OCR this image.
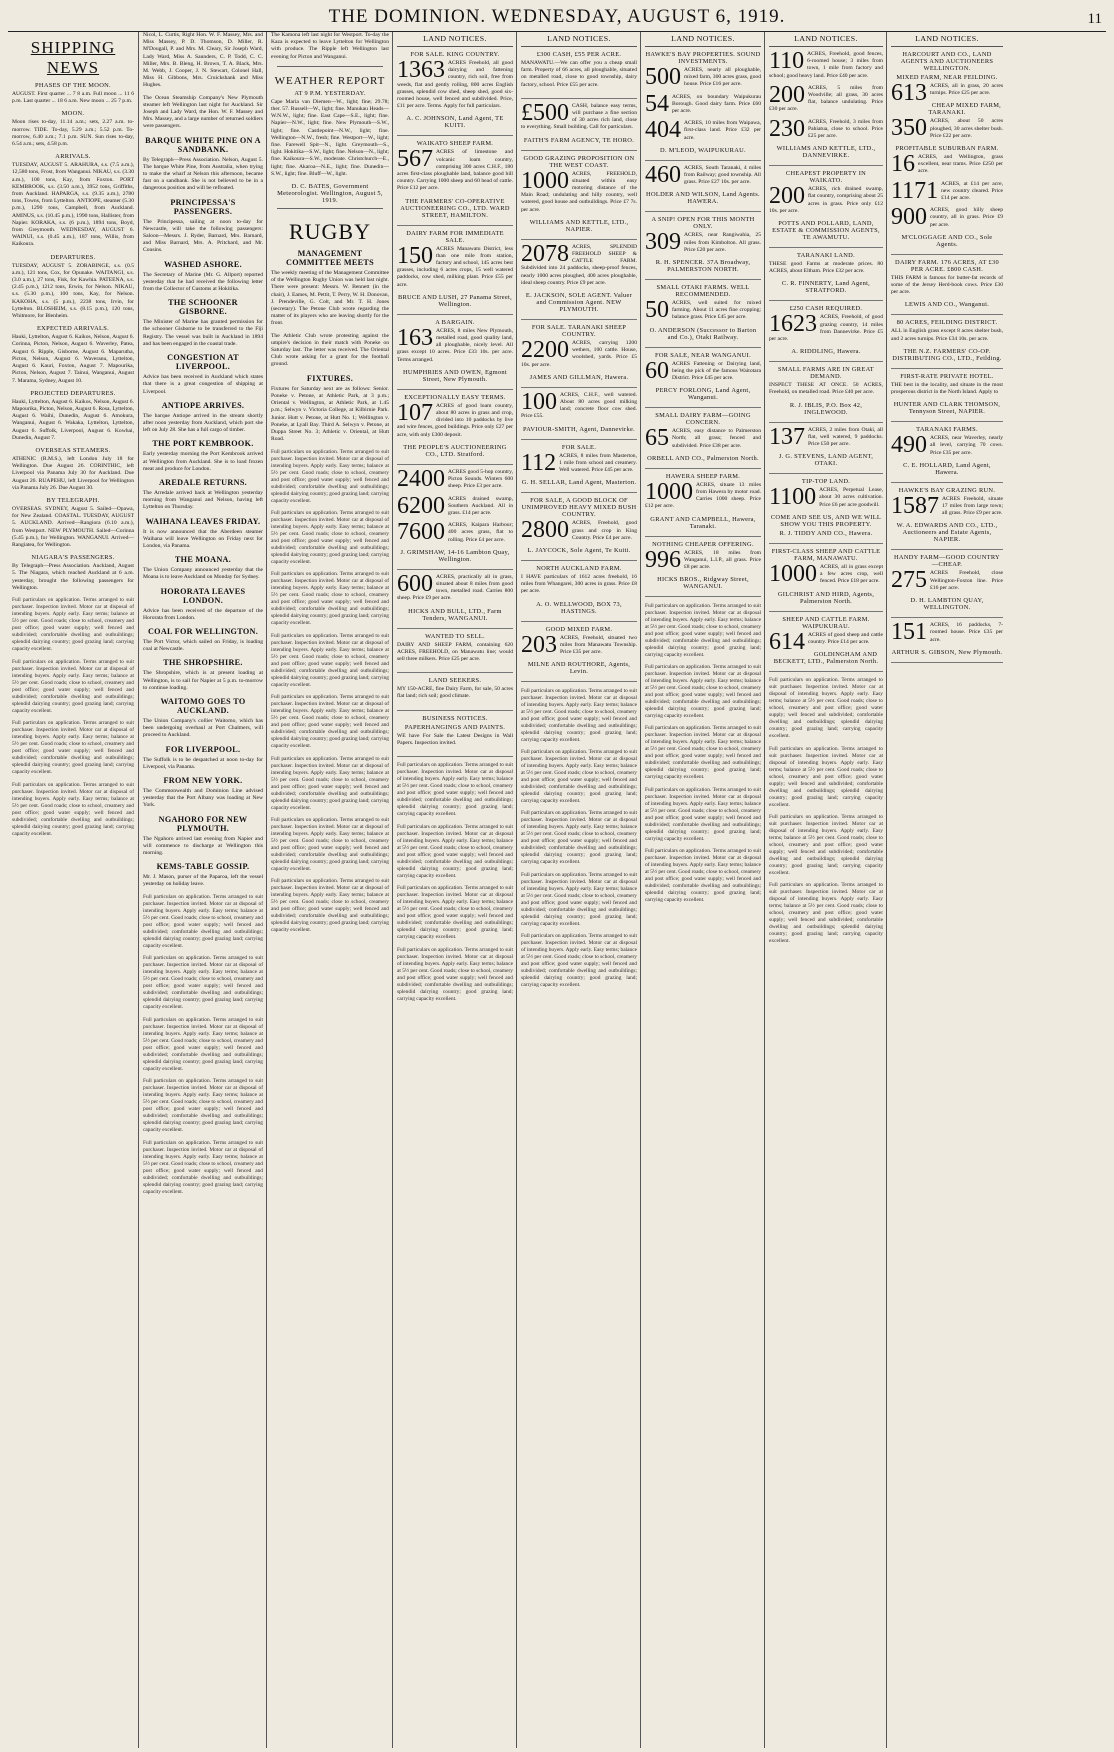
THE DOMINION. WEDNESDAY, AUGUST 6, 1919.	11
SHIPPING NEWS
PHASES OF THE MOON.

AUGUST. First quarter ... 7 8 a.m. Full moon ... 11 6 p.m. Last quarter ... 18 6 a.m. New moon ... 25 7 p.m.

MOON.

Moon rises to-day, 11.14 a.m.; sets, 2.27 a.m. to-morrow. TIDE. To-day, 5.29 a.m.; 5.52 p.m. To-morrow, 6.40 a.m.; 7.1 p.m. SUN. Sun rises to-day, 6.54 a.m.; sets, 4.58 p.m.

ARRIVALS.

TUESDAY, AUGUST 5. ARAHURA, s.s. (7.5 a.m.), 12,580 tons, Frost, from Wanganui. NIKAU, s.s. (3.30 a.m.), 100 tons, Kay, from Foxton. PORT KEMBROOK, s.s. (3.50 a.m.), 3952 tons, Griffiths, from Auckland. HAPARGA, s.s. (9.35 a.m.), 2780 tons, Towns, from Lyttelton. ANTIOPE, steamer (5.30 p.m.), 1290 tons, Campbell, from Auckland. AMINUS, s.s. (10.45 p.m.), 1990 tons, Hallister, from Napier. KORAKA, s.s. (6 p.m.), 1894 tons, Boyd, from Greymouth. WEDNESDAY, AUGUST 6. WAINUI, s.s. (0.45 a.m.), 187 tons, Willis, from Kaikoura.

DEPARTURES.

TUESDAY, AUGUST 5. ZORABINGE, s.s. (0.5 a.m.), 121 tons, Cox, for Opunake. WAITANGI, s.s. (3.0 a.m.), 27 tons, Fisk, for Kawhia. PATEENA, s.s. (2.45 p.m.), 1212 tons, Erwin, for Nelson. NIKAU, s.s. (5.30 p.m.), 100 tons, Kay, for Nelson. KAKOHA, s.s. (5 p.m.), 2238 tons, Irvin, for Lyttelton. BLOSHEIM, s.s. (8.15 p.m.), 120 tons, Whitmore, for Blenheim.

EXPECTED ARRIVALS.

Hauki, Lyttelton, August 6. Kaikos, Nelson, August 6. Corinna, Picton, Nelson, August 6. Waverley, Patea, August 6. Ripple, Gisborne, August 6. Maparutha, Picton, Nelson, August 6. Waveranu, Lyttelton, August 6. Kauri, Foxton, August 7. Mapourika, Picton, Nelson, August 7. Tainui, Wanganui, August 7. Marama, Sydney, August 10.

PROJECTED DEPARTURES.

Hauki, Lyttelton, August 6. Kaikos, Nelson, August 6. Mapourika, Picton, Nelson, August 6. Rosa, Lyttelton, August 6. Waihi, Dunedin, August 6. Amokura, Wanganui, August 6. Wakaka, Lyttelton, Lyttelton, August 6. Suffolk, Liverpool, August 6. Kowhai, Dunedin, August 7.

OVERSEAS STEAMERS.

ATHENIC (R.M.S.), left London July 18 for Wellington. Due August 26. CORINTHIC, left Liverpool via Panama July 30 for Auckland. Due August 26. RUAPEHU, left Liverpool for Wellington via Panama July 26. Due August 30.

BY TELEGRAPH.

OVERSEAS. SYDNEY, August 5. Sailed—Opawa, for New Zealand. COASTAL. TUESDAY, AUGUST 5. AUCKLAND. Arrived—Rangiora (6.10 a.m.), from Westport. NEW PLYMOUTH. Sailed—Corinna (5.45 p.m.), for Wellington. WANGANUI. Arrived—Rangiatea, for Wellington.

NIAGARA'S PASSENGERS.

By Telegraph—Press Association. Auckland, August 5. The Niagara, which reached Auckland at 6 a.m. yesterday, brought the following passengers for Wellington.

Full particulars on application. Terms arranged to suit purchaser. Inspection invited. Motor car at disposal of intending buyers. Apply early. Easy terms; balance at 5½ per cent. Good roads; close to school, creamery and post office; good water supply; well fenced and subdivided; comfortable dwelling and outbuildings; splendid dairying country; good grazing land; carrying capacity excellent.

Full particulars on application. Terms arranged to suit purchaser. Inspection invited. Motor car at disposal of intending buyers. Apply early. Easy terms; balance at 5½ per cent. Good roads; close to school, creamery and post office; good water supply; well fenced and subdivided; comfortable dwelling and outbuildings; splendid dairying country; good grazing land; carrying capacity excellent.

Full particulars on application. Terms arranged to suit purchaser. Inspection invited. Motor car at disposal of intending buyers. Apply early. Easy terms; balance at 5½ per cent. Good roads; close to school, creamery and post office; good water supply; well fenced and subdivided; comfortable dwelling and outbuildings; splendid dairying country; good grazing land; carrying capacity excellent.

Full particulars on application. Terms arranged to suit purchaser. Inspection invited. Motor car at disposal of intending buyers. Apply early. Easy terms; balance at 5½ per cent. Good roads; close to school, creamery and post office; good water supply; well fenced and subdivided; comfortable dwelling and outbuildings; splendid dairying country; good grazing land; carrying capacity excellent.

Nicol, L. Curtis, Right Hon. W. F. Massey, Mrs. and Miss Massey, P. D. Thomson, D. Miller, R. M'Dougall, P. and Mrs. M. Cleary, Sir Joseph Ward, Lady Ward, Miss A. Saunders, C. P. Todd, C. C. Miller, Mrs. B. Bleng, H. Brown, T. A. Black, Mrs. M. Webb, J. Cooper, J. N. Stewart, Colonel Hall, Miss H. Gibbons, Mrs. Cruickshank and Miss Hughes.

The Ocean Steamship Company's New Plymouth steamer left Wellington last night for Auckland. Sir Joseph and Lady Ward, the Hon. W. F. Massey and Mrs. Massey, and a large number of returned soldiers were passengers.

BARQUE WHITE PINE ON A SANDBANK.

By Telegraph—Press Association. Nelson, August 5. The barque White Pine, from Australia, when trying to make the wharf at Nelson this afternoon, became fast on a sandbank. She is not believed to be in a dangerous position and will be refloated.

PRINCIPESSA'S PASSENGERS.

The Principessa, sailing at noon to-day for Newcastle, will take the following passengers: Saloon—Messrs. J. Ryder, Barnard, Mrs. Barnard, and Miss Barnard, Mrs. A. Pritchard, and Mr. Cousins.

WASHED ASHORE.

The Secretary of Marine (Mr. G. Allport) reported yesterday that he had received the following letter from the Collector of Customs at Hokitika.

THE SCHOONER GISBORNE.

The Minister of Marine has granted permission for the schooner Gisborne to be transferred to the Fiji Registry. The vessel was built in Auckland in 1894 and has been engaged in the coastal trade.

CONGESTION AT LIVERPOOL.

Advice has been received in Auckland which states that there is a great congestion of shipping at Liverpool.

ANTIOPE ARRIVES.

The barque Antiope arrived in the stream shortly after noon yesterday from Auckland, which port she left on July 28. She has a full cargo of timber.

THE PORT KEMBROOK.

Early yesterday morning the Port Kembrook arrived at Wellington from Auckland. She is to load frozen meat and produce for London.

AREDALE RETURNS.

The Arredale arrived back at Wellington yesterday morning from Wanganui and Nelson, having left Lyttelton on Thursday.

WAIHANA LEAVES FRIDAY.

It is now announced that the Aberdeen steamer Waihana will leave Wellington on Friday next for London, via Panama.

THE MOANA.

The Union Company announced yesterday that the Moana is to leave Auckland on Monday for Sydney.

HORORATA LEAVES LONDON.

Advice has been received of the departure of the Hororata from London.

COAL FOR WELLINGTON.

The Port Victor, which sailed on Friday, is loading coal at Newcastle.

THE SHROPSHIRE.

The Shropshire, which is at present loading at Wellington, is to sail for Napier at 5 p.m. to-morrow to continue loading.

WAITOMO GOES TO AUCKLAND.

The Union Company's collier Waitomo, which has been undergoing overhaul at Port Chalmers, will proceed to Auckland.

FOR LIVERPOOL.

The Suffolk is to be despatched at noon to-day for Liverpool, via Panama.

FROM NEW YORK.

The Commonwealth and Dominion Line advised yesterday that the Port Albany was loading at New York.

NGAHORO FOR NEW PLYMOUTH.

The Ngahoro arrived last evening from Napier and will commence to discharge at Wellington this morning.

KEMS-TABLE GOSSIP.

Mr. J. Mason, purser of the Paparoa, left the vessel yesterday on holiday leave.

Full particulars on application. Terms arranged to suit purchaser. Inspection invited. Motor car at disposal of intending buyers. Apply early. Easy terms; balance at 5½ per cent. Good roads; close to school, creamery and post office; good water supply; well fenced and subdivided; comfortable dwelling and outbuildings; splendid dairying country; good grazing land; carrying capacity excellent.

Full particulars on application. Terms arranged to suit purchaser. Inspection invited. Motor car at disposal of intending buyers. Apply early. Easy terms; balance at 5½ per cent. Good roads; close to school, creamery and post office; good water supply; well fenced and subdivided; comfortable dwelling and outbuildings; splendid dairying country; good grazing land; carrying capacity excellent.

Full particulars on application. Terms arranged to suit purchaser. Inspection invited. Motor car at disposal of intending buyers. Apply early. Easy terms; balance at 5½ per cent. Good roads; close to school, creamery and post office; good water supply; well fenced and subdivided; comfortable dwelling and outbuildings; splendid dairying country; good grazing land; carrying capacity excellent.

Full particulars on application. Terms arranged to suit purchaser. Inspection invited. Motor car at disposal of intending buyers. Apply early. Easy terms; balance at 5½ per cent. Good roads; close to school, creamery and post office; good water supply; well fenced and subdivided; comfortable dwelling and outbuildings; splendid dairying country; good grazing land; carrying capacity excellent.

Full particulars on application. Terms arranged to suit purchaser. Inspection invited. Motor car at disposal of intending buyers. Apply early. Easy terms; balance at 5½ per cent. Good roads; close to school, creamery and post office; good water supply; well fenced and subdivided; comfortable dwelling and outbuildings; splendid dairying country; good grazing land; carrying capacity excellent.

The Kamona left last night for Westport. To-day the Kaza is expected to leave Lyttelton for Wellington with produce. The Ripple left Wellington last evening for Picton and Wanganui.

WEATHER REPORT
AT 9 P.M. YESTERDAY.

Cape Maria van Diemen—W., light; fine; 29.78; ther. 57. Russell—W., light; fine. Manukau Heads—W.N.W., light; fine. East Cape—S.E., light; fine. Napier—N.W., light; fine. New Plymouth—S.W., light; fine. Castlepoint—N.W., light; fine. Wellington—N.W., fresh; fine. Westport—W., light; fine. Farewell Spit—N., light. Greymouth—S., light. Hokitika—S.W., light; fine. Nelson—N., light; fine. Kaikoura—S.W., moderate. Christchurch—E., light; fine. Akaroa—N.E., light; fine. Dunedin—S.W., light; fine. Bluff—W., light.

D. C. BATES, Government Meteorologist. Wellington, August 5, 1919.
RUGBY
MANAGEMENT COMMITTEE MEETS

The weekly meeting of the Management Committee of the Wellington Rugby Union was held last night. There were present: Messrs. W. Bennett (in the chair), J. Eames, M. Pettit, T. Perry, W. H. Donovan, J. Prendeville, G. Colt, and Mr. T. H. Jones (secretary). The Petone Club wrote regarding the matter of its players who are leaving shortly for the front.

The Athletic Club wrote protesting against the umpire's decision in their match with Poneke on Saturday last. The letter was received. The Oriental Club wrote asking for a grant for the football ground.

FIXTURES.

Fixtures for Saturday next are as follows: Senior. Poneke v. Petone, at Athletic Park, at 3 p.m.; Oriental v. Wellington, at Athletic Park, at 1.45 p.m.; Selwyn v. Victoria College, at Kilbirnie Park. Junior. Hutt v. Petone, at Hutt No. 1; Wellington v. Poneke, at Lyall Bay. Third A. Selwyn v. Petone, at Duppa Street No. 3; Athletic v. Oriental, at Hutt Road.

Full particulars on application. Terms arranged to suit purchaser. Inspection invited. Motor car at disposal of intending buyers. Apply early. Easy terms; balance at 5½ per cent. Good roads; close to school, creamery and post office; good water supply; well fenced and subdivided; comfortable dwelling and outbuildings; splendid dairying country; good grazing land; carrying capacity excellent.

Full particulars on application. Terms arranged to suit purchaser. Inspection invited. Motor car at disposal of intending buyers. Apply early. Easy terms; balance at 5½ per cent. Good roads; close to school, creamery and post office; good water supply; well fenced and subdivided; comfortable dwelling and outbuildings; splendid dairying country; good grazing land; carrying capacity excellent.

Full particulars on application. Terms arranged to suit purchaser. Inspection invited. Motor car at disposal of intending buyers. Apply early. Easy terms; balance at 5½ per cent. Good roads; close to school, creamery and post office; good water supply; well fenced and subdivided; comfortable dwelling and outbuildings; splendid dairying country; good grazing land; carrying capacity excellent.

Full particulars on application. Terms arranged to suit purchaser. Inspection invited. Motor car at disposal of intending buyers. Apply early. Easy terms; balance at 5½ per cent. Good roads; close to school, creamery and post office; good water supply; well fenced and subdivided; comfortable dwelling and outbuildings; splendid dairying country; good grazing land; carrying capacity excellent.

Full particulars on application. Terms arranged to suit purchaser. Inspection invited. Motor car at disposal of intending buyers. Apply early. Easy terms; balance at 5½ per cent. Good roads; close to school, creamery and post office; good water supply; well fenced and subdivided; comfortable dwelling and outbuildings; splendid dairying country; good grazing land; carrying capacity excellent.

Full particulars on application. Terms arranged to suit purchaser. Inspection invited. Motor car at disposal of intending buyers. Apply early. Easy terms; balance at 5½ per cent. Good roads; close to school, creamery and post office; good water supply; well fenced and subdivided; comfortable dwelling and outbuildings; splendid dairying country; good grazing land; carrying capacity excellent.

Full particulars on application. Terms arranged to suit purchaser. Inspection invited. Motor car at disposal of intending buyers. Apply early. Easy terms; balance at 5½ per cent. Good roads; close to school, creamery and post office; good water supply; well fenced and subdivided; comfortable dwelling and outbuildings; splendid dairying country; good grazing land; carrying capacity excellent.

Full particulars on application. Terms arranged to suit purchaser. Inspection invited. Motor car at disposal of intending buyers. Apply early. Easy terms; balance at 5½ per cent. Good roads; close to school, creamery and post office; good water supply; well fenced and subdivided; comfortable dwelling and outbuildings; splendid dairying country; good grazing land; carrying capacity excellent.

LAND NOTICES.
FOR SALE. KING COUNTRY.
1363 ACRES Freehold, all good dairying and fattening country, rich soil, free from weeds, flat and gently rolling, 800 acres English grasses, splendid cow shed, sheep shed, good six-roomed house, well fenced and subdivided. Price, £11 per acre. Terms. Apply for full particulars.

A. C. JOHNSON, Land Agent, TE KUITI.
WAIKATO SHEEP FARM.
567 ACRES of limestone and volcanic loam country, comprising 300 acres C.H.F., 180 acres first-class ploughable land, balance good hill country. Carrying 1000 sheep and 60 head of cattle. Price £12 per acre.

THE FARMERS' CO-OPERATIVE AUCTIONEERING CO., LTD. WARD STREET, HAMILTON.
DAIRY FARM FOR IMMEDIATE SALE.
150 ACRES Manawatu District, less than one mile from station, factory and school, 145 acres best grasses, including 6 acres crops, 15 well watered paddocks, cow shed, milking plant. Price £55 per acre.

BRUCE AND LUSH, 27 Panama Street, Wellington.
A BARGAIN.
163 ACRES, 8 miles New Plymouth, metalled road, good quality land, all ploughable, nicely level. All grass except 10 acres. Price £33 10s. per acre. Terms arranged.

HUMPHRIES AND OWEN, Egmont Street, New Plymouth.
EXCEPTIONALLY EASY TERMS.
107 ACRES of good loam country, about 80 acres in grass and crop, divided into 10 paddocks by live and wire fences, good buildings. Price only £27 per acre, with only £300 deposit.

THE PEOPLE'S AUCTIONEERING CO., LTD. Stratford.
2400 ACRES good 5-hop country, Picton Sounds. Winters 600 sheep. Price £3 per acre.

6200 ACRES drained swamp, Southern Auckland. All in grass. £14 per acre.

7600 ACRES, Kaipara Harbour; 400 acres grass, flat to rolling. Price £4 per acre.

J. GRIMSHAW, 14-16 Lambton Quay, Wellington.
600 ACRES, practically all in grass, situated about 8 miles from good town, metalled road. Carries 800 sheep. Price £9 per acre.

HICKS AND BULL, LTD., Farm Tenders, WANGANUI.
WANTED TO SELL.

DAIRY AND SHEEP FARM, containing 620 ACRES, FREEHOLD, on Manawatu line; would sell three milkers. Price £25 per acre.

LAND SEEKERS.

MY 150-ACRE, fine Dairy Farm, for sale, 50 acres flat land; rich soil; good climate.

BUSINESS NOTICES.
PAPERHANGINGS AND PAINTS.

WE have For Sale the Latest Designs in Wall Papers. Inspection invited.

Full particulars on application. Terms arranged to suit purchaser. Inspection invited. Motor car at disposal of intending buyers. Apply early. Easy terms; balance at 5½ per cent. Good roads; close to school, creamery and post office; good water supply; well fenced and subdivided; comfortable dwelling and outbuildings; splendid dairying country; good grazing land; carrying capacity excellent.

Full particulars on application. Terms arranged to suit purchaser. Inspection invited. Motor car at disposal of intending buyers. Apply early. Easy terms; balance at 5½ per cent. Good roads; close to school, creamery and post office; good water supply; well fenced and subdivided; comfortable dwelling and outbuildings; splendid dairying country; good grazing land; carrying capacity excellent.

Full particulars on application. Terms arranged to suit purchaser. Inspection invited. Motor car at disposal of intending buyers. Apply early. Easy terms; balance at 5½ per cent. Good roads; close to school, creamery and post office; good water supply; well fenced and subdivided; comfortable dwelling and outbuildings; splendid dairying country; good grazing land; carrying capacity excellent.

Full particulars on application. Terms arranged to suit purchaser. Inspection invited. Motor car at disposal of intending buyers. Apply early. Easy terms; balance at 5½ per cent. Good roads; close to school, creamery and post office; good water supply; well fenced and subdivided; comfortable dwelling and outbuildings; splendid dairying country; good grazing land; carrying capacity excellent.

LAND NOTICES.
£300 CASH, £55 PER ACRE.

MANAWATU.—We can offer you a cheap small farm. Property of 66 acres, all ploughable, situated on metalled road, close to good township, dairy factory, school. Price £55 per acre.

£500 CASH, balance easy terms, will purchase a fine section of 30 acres rich land, close to everything. Small building. Call for particulars.

FAITH'S FARM AGENCY, TE HORO.
GOOD GRAZING PROPOSITION ON THE WEST COAST.
1000 ACRES, FREEHOLD, situated within easy motoring distance of the Main Road; undulating and hilly country, well watered, good house and outbuildings. Price £7 7s. per acre.

WILLIAMS AND KETTLE, LTD., NAPIER.
2078 ACRES, SPLENDID FREEHOLD SHEEP & CATTLE FARM. Subdivided into 24 paddocks, sheep-proof fences, nearly 1000 acres ploughed, 400 acres ploughable, ideal sheep country. Price £9 per acre.

E. JACKSON, SOLE AGENT. Valuer and Commission Agent. NEW PLYMOUTH.
FOR SALE. TARANAKI SHEEP COUNTRY.
2200 ACRES, carrying 1200 wethers, 100 cattle. House, woolshed, yards. Price £5 10s. per acre.

JAMES AND GILLMAN, Hawera.
100 ACRES, C.H.F., well watered. About 80 acres good milking land; concrete floor cow shed. Price £55.

PAVIOUR-SMITH, Agent, Dannevirke.
FOR SALE.
112 ACRES, 8 miles from Masterton, 1 mile from school and creamery. Well watered. Price £45 per acre.

G. H. SELLAR, Land Agent, Masterton.
FOR SALE, A GOOD BLOCK OF UNIMPROVED HEAVY MIXED BUSH COUNTRY.
2800 ACRES, Freehold, good grass and crop in King Country. Price £4 per acre.

L. JAYCOCK, Sole Agent, Te Kuiti.
NORTH AUCKLAND FARM.

I HAVE particulars of 1612 acres freehold, 16 miles from Whangarei, 300 acres in grass. Price £8 per acre.

A. O. WELLWOOD, BOX 73, HASTINGS.
GOOD MIXED FARM.
203 ACRES, Freehold, situated two miles from Manawatu Township. Price £35 per acre.

MILNE AND ROUTHORE, Agents, Levin.

Full particulars on application. Terms arranged to suit purchaser. Inspection invited. Motor car at disposal of intending buyers. Apply early. Easy terms; balance at 5½ per cent. Good roads; close to school, creamery and post office; good water supply; well fenced and subdivided; comfortable dwelling and outbuildings; splendid dairying country; good grazing land; carrying capacity excellent.

Full particulars on application. Terms arranged to suit purchaser. Inspection invited. Motor car at disposal of intending buyers. Apply early. Easy terms; balance at 5½ per cent. Good roads; close to school, creamery and post office; good water supply; well fenced and subdivided; comfortable dwelling and outbuildings; splendid dairying country; good grazing land; carrying capacity excellent.

Full particulars on application. Terms arranged to suit purchaser. Inspection invited. Motor car at disposal of intending buyers. Apply early. Easy terms; balance at 5½ per cent. Good roads; close to school, creamery and post office; good water supply; well fenced and subdivided; comfortable dwelling and outbuildings; splendid dairying country; good grazing land; carrying capacity excellent.

Full particulars on application. Terms arranged to suit purchaser. Inspection invited. Motor car at disposal of intending buyers. Apply early. Easy terms; balance at 5½ per cent. Good roads; close to school, creamery and post office; good water supply; well fenced and subdivided; comfortable dwelling and outbuildings; splendid dairying country; good grazing land; carrying capacity excellent.

Full particulars on application. Terms arranged to suit purchaser. Inspection invited. Motor car at disposal of intending buyers. Apply early. Easy terms; balance at 5½ per cent. Good roads; close to school, creamery and post office; good water supply; well fenced and subdivided; comfortable dwelling and outbuildings; splendid dairying country; good grazing land; carrying capacity excellent.

LAND NOTICES.
HAWKE'S BAY PROPERTIES. SOUND INVESTMENTS.
500 ACRES, nearly all ploughable, mixed farm, 300 acres grass, good house. Price £16 per acre.

54 ACRES, on boundary Waipukurau Borough. Good dairy farm. Price £60 per acre.

404 ACRES, 10 miles from Waipawa, first-class land. Price £32 per acre.

D. M'LEOD, WAIPUKURAU.
460 ACRES, South Taranaki, 4 miles from Railway; good township. All grass. Price £27 10s. per acre.

HOLDER AND WILSON, Land Agents. HAWERA.
A SNIP! OPEN FOR THIS MONTH ONLY.
309 ACRES, near Rangiwahia, 25 miles from Kimbolton. All grass. Price £20 per acre.

R. H. SPENCER. 37A Broadway, PALMERSTON NORTH.
SMALL OTAKI FARMS. WELL RECOMMENDED.
50 ACRES, well suited for mixed farming. About 11 acres fine cropping; balance grass. Price £45 per acre.

O. ANDERSON (Successor to Barton and Co.), Otaki Railway.
FOR SALE, NEAR WANGANUI.
60 ACRES Fattening or Dairying land, being the pick of the famous Waitotara District. Price £45 per acre.

PERCY FORLONG, Land Agent, Wanganui.
SMALL DAIRY FARM—GOING CONCERN.
65 ACRES, easy distance to Palmerston North; all grass; fenced and subdivided. Price £38 per acre.

ORBELL AND CO., Palmerston North.
HAWERA SHEEP FARM.
1000 ACRES, situate 13 miles from Hawera by motor road. Carries 1000 sheep. Price £12 per acre.

GRANT AND CAMPBELL, Hawera, Taranaki.
NOTHING CHEAPER OFFERING.
996 ACRES, 18 miles from Wanganui, L.I.P., all grass. Price £8 per acre.

HICKS BROS., Ridgway Street, WANGANUI.

Full particulars on application. Terms arranged to suit purchaser. Inspection invited. Motor car at disposal of intending buyers. Apply early. Easy terms; balance at 5½ per cent. Good roads; close to school, creamery and post office; good water supply; well fenced and subdivided; comfortable dwelling and outbuildings; splendid dairying country; good grazing land; carrying capacity excellent.

Full particulars on application. Terms arranged to suit purchaser. Inspection invited. Motor car at disposal of intending buyers. Apply early. Easy terms; balance at 5½ per cent. Good roads; close to school, creamery and post office; good water supply; well fenced and subdivided; comfortable dwelling and outbuildings; splendid dairying country; good grazing land; carrying capacity excellent.

Full particulars on application. Terms arranged to suit purchaser. Inspection invited. Motor car at disposal of intending buyers. Apply early. Easy terms; balance at 5½ per cent. Good roads; close to school, creamery and post office; good water supply; well fenced and subdivided; comfortable dwelling and outbuildings; splendid dairying country; good grazing land; carrying capacity excellent.

Full particulars on application. Terms arranged to suit purchaser. Inspection invited. Motor car at disposal of intending buyers. Apply early. Easy terms; balance at 5½ per cent. Good roads; close to school, creamery and post office; good water supply; well fenced and subdivided; comfortable dwelling and outbuildings; splendid dairying country; good grazing land; carrying capacity excellent.

Full particulars on application. Terms arranged to suit purchaser. Inspection invited. Motor car at disposal of intending buyers. Apply early. Easy terms; balance at 5½ per cent. Good roads; close to school, creamery and post office; good water supply; well fenced and subdivided; comfortable dwelling and outbuildings; splendid dairying country; good grazing land; carrying capacity excellent.

LAND NOTICES.
110 ACRES, Freehold, good fences, 6-roomed house; 3 miles from town, 1 mile from factory and school; good heavy land. Price £40 per acre.

200 ACRES, 5 miles from Woodville; all grass, 30 acres flat, balance undulating. Price £30 per acre.

230 ACRES, Freehold, 3 miles from Pahiatua, close to school. Price £25 per acre.

WILLIAMS AND KETTLE, LTD., DANNEVIRKE.
CHEAPEST PROPERTY IN WAIKATO.
200 ACRES, rich drained swamp, flat country, comprising about 25 acres in grass. Price only £12 10s. per acre.

POTTS AND POLLARD, LAND, ESTATE & COMMISSION AGENTS, TE AWAMUTU.
TARANAKI LAND.

THESE good Farms at moderate prices. 80 ACRES, about Eltham. Price £32 per acre.

C. R. FINNERTY, Land Agent, STRATFORD.
£250 CASH REQUIRED.
1623 ACRES, Freehold, of good grazing country, 14 miles from Dannevirke. Price £5 per acre.

A. RIDDLING, Hawera.
SMALL FARMS ARE IN GREAT DEMAND.

INSPECT THESE AT ONCE. 50 ACRES, Freehold, on metalled road. Price £40 per acre.

R. J. IBLIS, P.O. Box 42, INGLEWOOD.
137 ACRES, 2 miles from Otaki, all flat, well watered, 9 paddocks. Price £50 per acre.

J. G. STEVENS, LAND AGENT, OTAKI.
TIP-TOP LAND.
1100 ACRES, Perpetual Lease, about 30 acres cultivation. Price £6 per acre goodwill.

COME AND SEE US, AND WE WILL SHOW YOU THIS PROPERTY.
R. J. TIDDY AND CO., Hawera.
FIRST-CLASS SHEEP AND CATTLE FARM, MANAWATU.
1000 ACRES, all in grass except a few acres crop, well fenced. Price £18 per acre.

GILCHRIST AND HIRD, Agents, Palmerston North.
SHEEP AND CATTLE FARM. WAIPUKURAU.
614 ACRES of good sheep and cattle country. Price £14 per acre.

GOLDINGHAM AND BECKETT, LTD., Palmerston North.

Full particulars on application. Terms arranged to suit purchaser. Inspection invited. Motor car at disposal of intending buyers. Apply early. Easy terms; balance at 5½ per cent. Good roads; close to school, creamery and post office; good water supply; well fenced and subdivided; comfortable dwelling and outbuildings; splendid dairying country; good grazing land; carrying capacity excellent.

Full particulars on application. Terms arranged to suit purchaser. Inspection invited. Motor car at disposal of intending buyers. Apply early. Easy terms; balance at 5½ per cent. Good roads; close to school, creamery and post office; good water supply; well fenced and subdivided; comfortable dwelling and outbuildings; splendid dairying country; good grazing land; carrying capacity excellent.

Full particulars on application. Terms arranged to suit purchaser. Inspection invited. Motor car at disposal of intending buyers. Apply early. Easy terms; balance at 5½ per cent. Good roads; close to school, creamery and post office; good water supply; well fenced and subdivided; comfortable dwelling and outbuildings; splendid dairying country; good grazing land; carrying capacity excellent.

Full particulars on application. Terms arranged to suit purchaser. Inspection invited. Motor car at disposal of intending buyers. Apply early. Easy terms; balance at 5½ per cent. Good roads; close to school, creamery and post office; good water supply; well fenced and subdivided; comfortable dwelling and outbuildings; splendid dairying country; good grazing land; carrying capacity excellent.

LAND NOTICES.
HARCOURT AND CO., LAND AGENTS AND AUCTIONEERS WELLINGTON.
MIXED FARM, NEAR FEILDING.
613 ACRES, all in grass, 20 acres turnips. Price £25 per acre.

CHEAP MIXED FARM, TARANAKI.
350 ACRES, about 50 acres ploughed, 30 acres shelter bush. Price £22 per acre.

PROFITABLE SUBURBAN FARM.
16 ACRES, and Wellington, grass excellent, near trams. Price £250 per acre.

1171 ACRES, at £14 per acre, new country cleared. Price £14 per acre.

900 ACRES, good hilly sheep country, all in grass. Price £9 per acre.

M'CLOGGAGE AND CO., Sole Agents.
DAIRY FARM. 176 ACRES, AT £30 PER ACRE. £800 CASH.

THIS FARM is famous for butter-fat records of some of the Jersey Herd-book cows. Price £30 per acre.

LEWIS AND CO., Wanganui.
80 ACRES, FEILDING DISTRICT.

ALL in English grass except 8 acres shelter bush, and 2 acres turnips. Price £34 10s. per acre.

THE N.Z. FARMERS' CO-OP. DISTRIBUTING CO., LTD., Feilding.
FIRST-RATE PRIVATE HOTEL.

THE best in the locality, and situate in the most prosperous district in the North Island. Apply to

HUNTER AND CLARK THOMSON, Tennyson Street, NAPIER.
TARANAKI FARMS.
490 ACRES, near Waverley, nearly all level, carrying 70 cows. Price £35 per acre.

C. E. HOLLARD, Land Agent, Hawera.
HAWKE'S BAY GRAZING RUN.
1587 ACRES Freehold, situate 17 miles from large town; all grass. Price £9 per acre.

W. A. EDWARDS AND CO., LTD., Auctioneers and Estate Agents, NAPIER.
HANDY FARM—GOOD COUNTRY—CHEAP.
275 ACRES Freehold, close Wellington-Foxton line. Price £16 per acre.

D. H. LAMBTON QUAY, WELLINGTON.
151 ACRES, 16 paddocks, 7-roomed house. Price £35 per acre.

ARTHUR S. GIBSON, New Plymouth.
